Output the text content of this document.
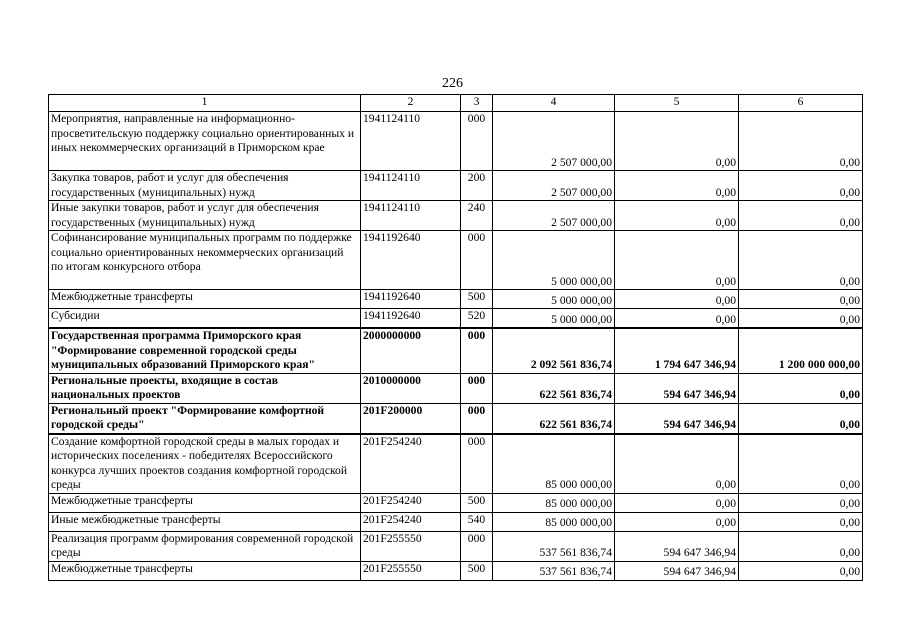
226
1	2	3	4	5	6
Мероприятия, направленные на информационно-просветительскую поддержку социально ориентированных и иных некоммерческих организаций в Приморском крае	1941124110	000	2 507 000,00	0,00	0,00
Закупка товаров, работ и услуг для обеспечения государственных (муниципальных) нужд	1941124110	200	2 507 000,00	0,00	0,00
Иные закупки товаров, работ и услуг для обеспечения государственных (муниципальных) нужд	1941124110	240	2 507 000,00	0,00	0,00
Софинансирование муниципальных программ по поддержке социально ориентированных некоммерческих организаций по итогам конкурсного отбора	1941192640	000	5 000 000,00	0,00	0,00
Межбюджетные трансферты	1941192640	500	5 000 000,00	0,00	0,00
Субсидии	1941192640	520	5 000 000,00	0,00	0,00
Государственная программа Приморского края "Формирование современной городской среды муниципальных образований Приморского края"	2000000000	000	2 092 561 836,74	1 794 647 346,94	1 200 000 000,00
Региональные проекты, входящие в состав национальных проектов	2010000000	000	622 561 836,74	594 647 346,94	0,00
Региональный проект "Формирование комфортной городской среды"	201F200000	000	622 561 836,74	594 647 346,94	0,00
Создание комфортной городской среды в малых городах и исторических поселениях - победителях Всероссийского конкурса лучших проектов создания комфортной городской среды	201F254240	000	85 000 000,00	0,00	0,00
Межбюджетные трансферты	201F254240	500	85 000 000,00	0,00	0,00
Иные межбюджетные трансферты	201F254240	540	85 000 000,00	0,00	0,00
Реализация программ формирования современной городской среды	201F255550	000	537 561 836,74	594 647 346,94	0,00
Межбюджетные трансферты	201F255550	500	537 561 836,74	594 647 346,94	0,00
